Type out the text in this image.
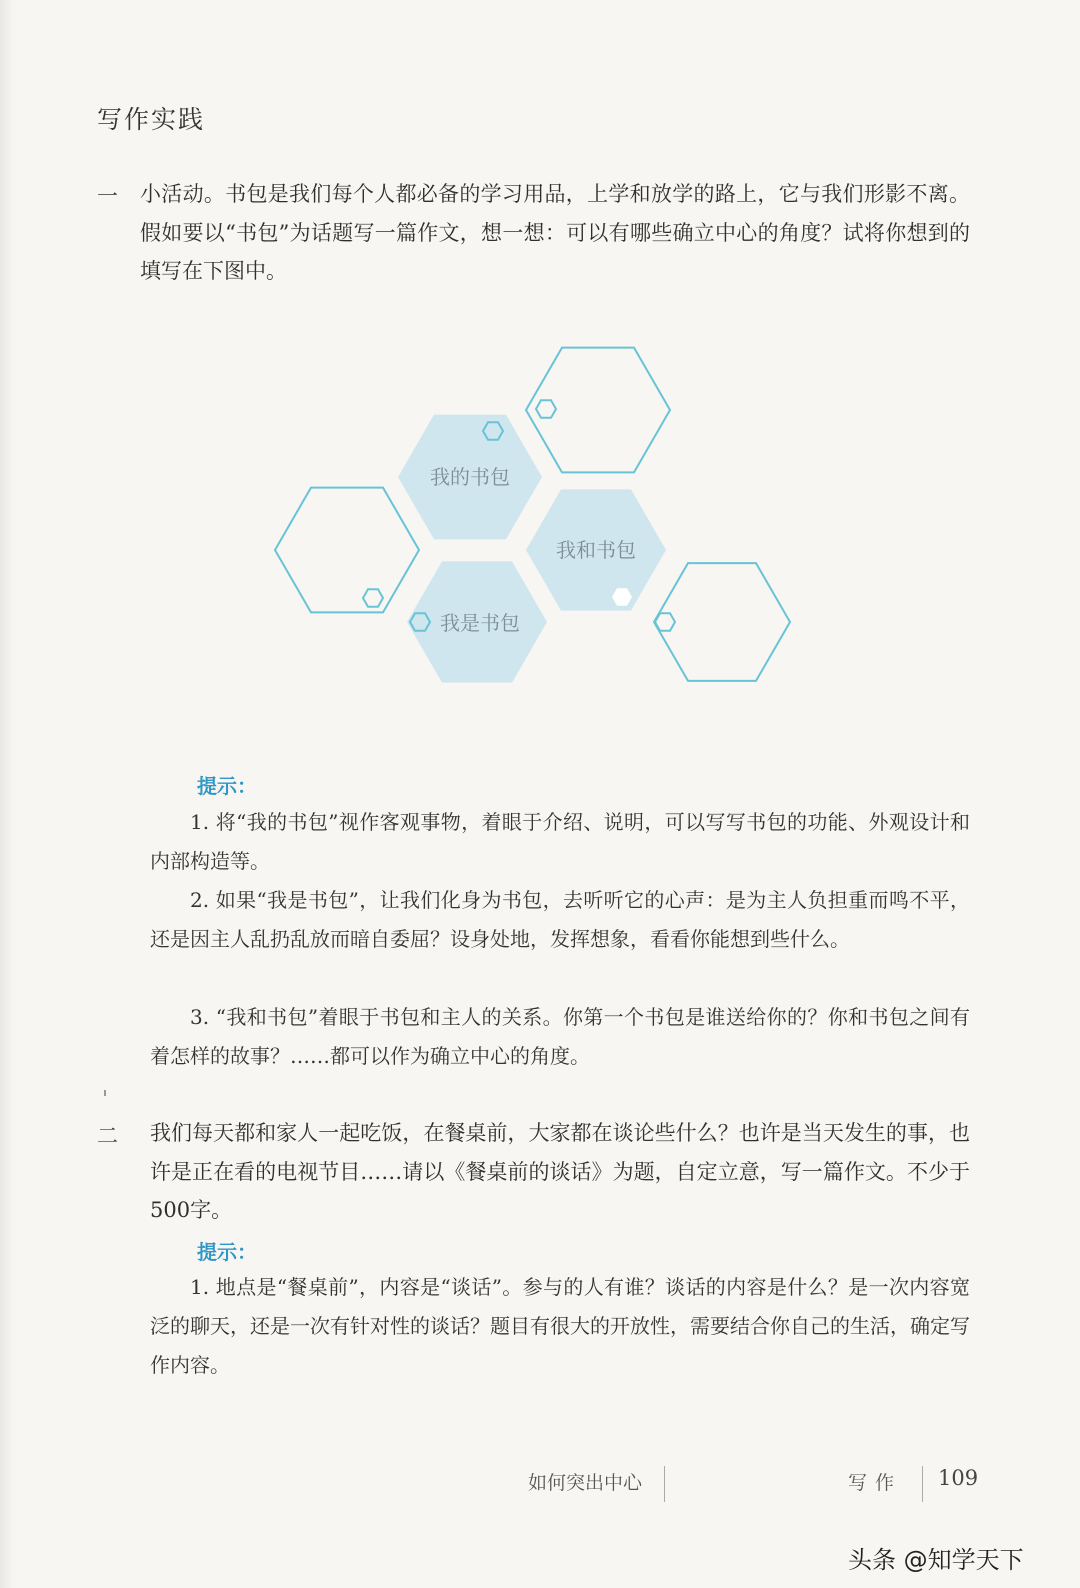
写作实践
一 小活动。书包是我们每个人都必备的学习用品，上学和放学的路上，它与我们形影不离。假如要以“书包”为话题写一篇作文，想一想：可以有哪些确立中心的角度？试将你想到的填写在下图中。
我的书包
我和书包
我是书包
提示：
1. 将“我的书包”视作客观事物，着眼于介绍、说明，可以写写书包的功能、外观设计和内部构造等。
2. 如果“我是书包”，让我们化身为书包，去听听它的心声：是为主人负担重而鸣不平，还是因主人乱扔乱放而暗自委屈？设身处地，发挥想象，看看你能想到些什么。
3. “我和书包”着眼于书包和主人的关系。你第一个书包是谁送给你的？你和书包之间有着怎样的故事？……都可以作为确立中心的角度。
二 我们每天都和家人一起吃饭，在餐桌前，大家都在谈论些什么？也许是当天发生的事，也许是正在看的电视节目……请以《餐桌前的谈话》为题，自定立意，写一篇作文。不少于500字。
提示：
1. 地点是“餐桌前”，内容是“谈话”。参与的人有谁？谈话的内容是什么？是一次内容宽泛的聊天，还是一次有针对性的谈话？题目有很大的开放性，需要结合你自己的生活，确定写作内容。
如何突出中心	写作 109
头条 @知学天下
